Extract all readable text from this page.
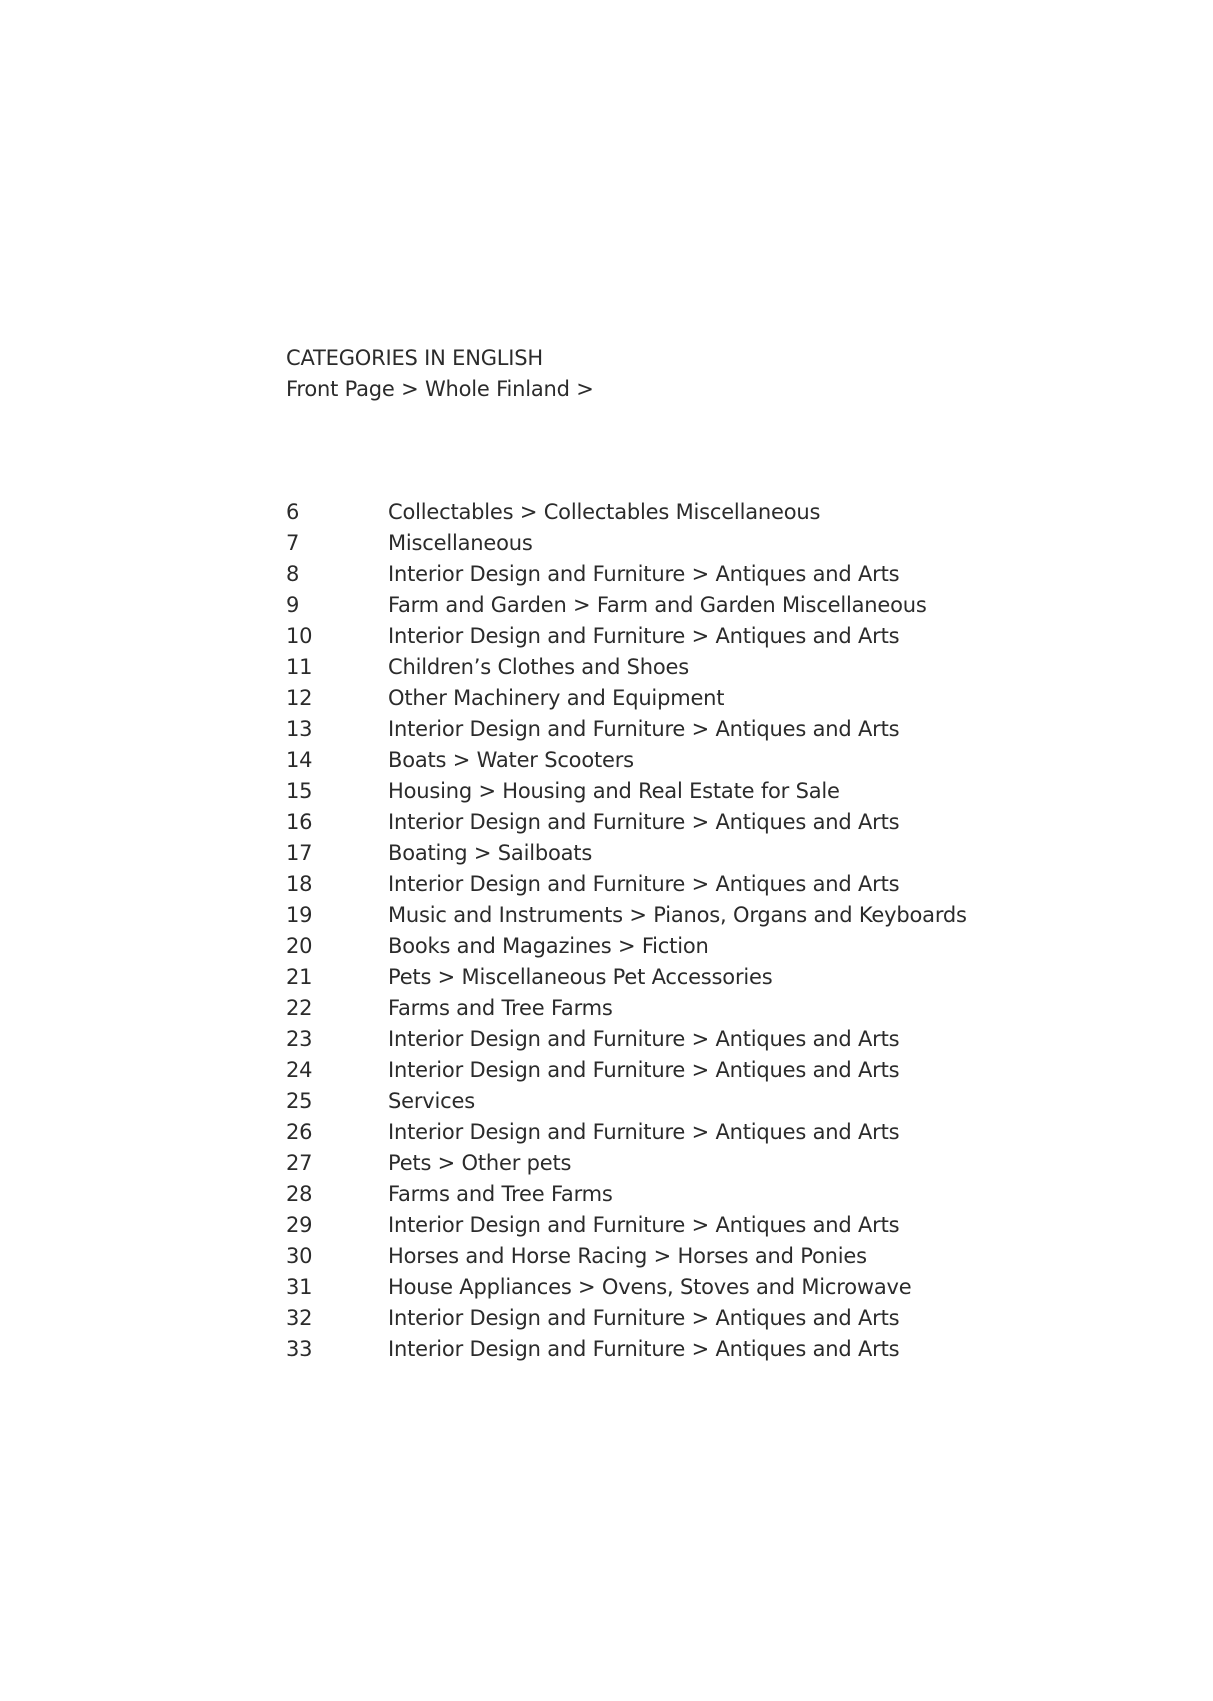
CATEGORIES IN ENGLISH
Front Page > Whole Finland >
6	Collectables > Collectables Miscellaneous
7	Miscellaneous
8	Interior Design and Furniture > Antiques and Arts
9	Farm and Garden > Farm and Garden Miscellaneous
10	Interior Design and Furniture > Antiques and Arts
11	Children’s Clothes and Shoes
12	Other Machinery and Equipment
13	Interior Design and Furniture > Antiques and Arts
14	Boats > Water Scooters
15	Housing > Housing and Real Estate for Sale
16	Interior Design and Furniture > Antiques and Arts
17	Boating > Sailboats
18	Interior Design and Furniture > Antiques and Arts
19	Music and Instruments > Pianos, Organs and Keyboards
20	Books and Magazines > Fiction
21	Pets > Miscellaneous Pet Accessories
22	Farms and Tree Farms
23	Interior Design and Furniture > Antiques and Arts
24	Interior Design and Furniture > Antiques and Arts
25	Services
26	Interior Design and Furniture > Antiques and Arts
27	Pets > Other pets
28	Farms and Tree Farms
29	Interior Design and Furniture > Antiques and Arts
30	Horses and Horse Racing > Horses and Ponies
31	House Appliances > Ovens, Stoves and Microwave
32	Interior Design and Furniture > Antiques and Arts
33	Interior Design and Furniture > Antiques and Arts
